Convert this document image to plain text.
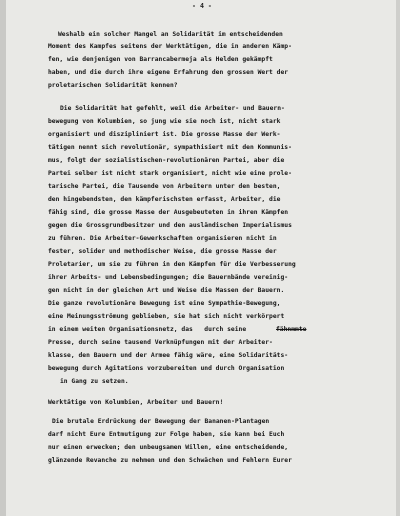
- 4 -

Weshalb ein solcher Mangel an Solidarität im entscheidenden

Moment des Kampfes seitens der Werktätigen, die in anderen Kämp-

fen, wie denjenigen von Barrancabermeja als Helden gekämpft

haben, und die durch ihre eigene Erfahrung den grossen Wert der

proletarischen Solidarität kennen?

Die Solidarität hat gefehlt, weil die Arbeiter- und Bauern-

bewegung von Kolumbien, so jung wie sie noch ist, nicht stark

organisiert und diszipliniert ist. Die grosse Masse der Werk-

tätigen nennt sich revolutionär, sympathisiert mit den Kommunis-

mus, folgt der sozialistischen-revolutionären Partei, aber die

Partei selber ist nicht stark organisiert, nicht wie eine prole-

tarische Partei, die Tausende von Arbeitern unter den besten,

den hingebendsten, den kämpferischsten erfasst, Arbeiter, die

fähig sind, die grosse Masse der Ausgebeuteten in ihren Kämpfen

gegen die Grossgrundbesitzer und den ausländischen Imperialismus

zu führen. Die Arbeiter-Gewerkschaften organisieren nicht in

fester, solider und methodischer Weise, die grosse Masse der

Proletarier, um sie zu führen in den Kämpfen für die Verbesserung

ihrer Arbeits- und Lebensbedingungen; die Bauernbände vereinig-

gen nicht in der gleichen Art und Weise die Massen der Bauern.

Die ganze revolutionäre Bewegung ist eine Sympathie-Bewegung,

eine Meinungsströmung geblieben, sie hat sich nicht verkörpert

in einem weiten Organisationsnetz, das   durch seine

	fähnmmte

Presse, durch seine tausend Verknüpfungen mit der Arbeiter-

klasse, den Bauern und der Armee fähig wäre, eine Solidaritäts-

bewegung durch Agitations vorzubereiten und durch Organisation

in Gang zu setzen.

Werktätige von Kolumbien, Arbeiter und Bauern!

Die brutale Erdrückung der Bewegung der Bananen-Plantagen

darf nicht Eure Entmutigung zur Folge haben, sie kann bei Euch

nur einen erwecken; den unbeugsamen Willen, eine entscheidende,

glänzende Revanche zu nehmen und den Schwächen und Fehlern Eurer
